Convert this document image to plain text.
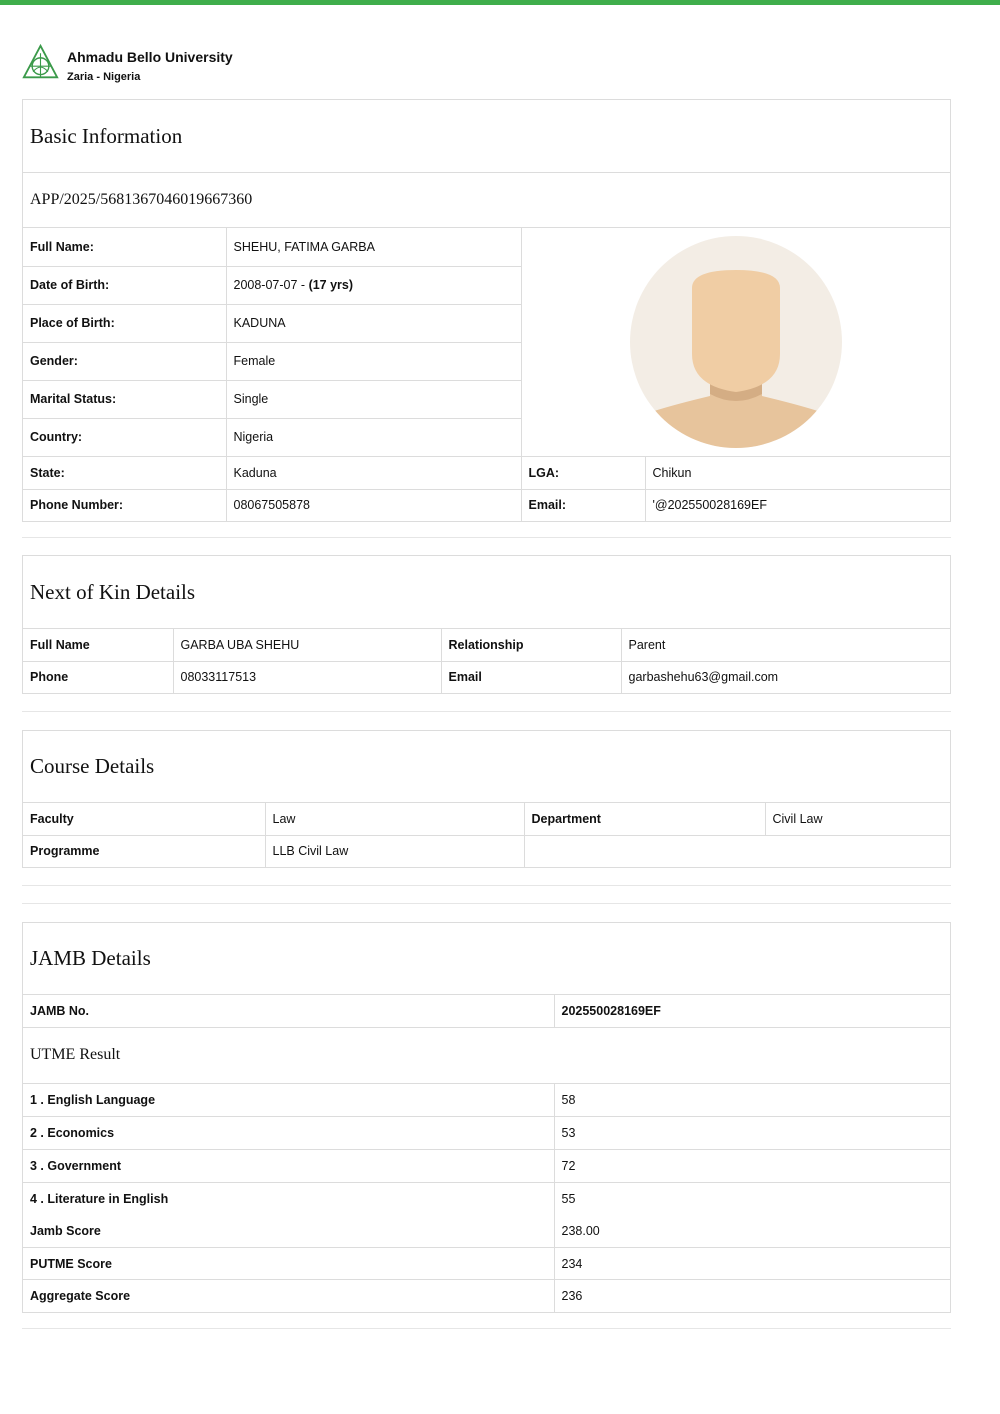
Ahmadu Bello University
Zaria - Nigeria
Basic Information
APP/2025/5681367046019667360
Full Name:	SHEHU, FATIMA GARBA	

Date of Birth:	2008-07-07 - (17 yrs)		
Place of Birth:	KADUNA		
Gender:	Female		
Marital Status:	Single		
Country:	Nigeria		
State:	Kaduna	LGA:	Chikun
Phone Number:	08067505878	Email:	'@202550028169EF
Next of Kin Details
Full Name	GARBA UBA SHEHU	Relationship	Parent
Phone	08033117513	Email	garbashehu63@gmail.com
Course Details
Faculty	Law	Department	Civil Law
Programme	LLB Civil Law		
JAMB Details
JAMB No.	202550028169EF
UTME Result
1 . English Language	58
2 . Economics	53
3 . Government	72
4 . Literature in English	55
Jamb Score	238.00
PUTME Score	234
Aggregate Score	236
